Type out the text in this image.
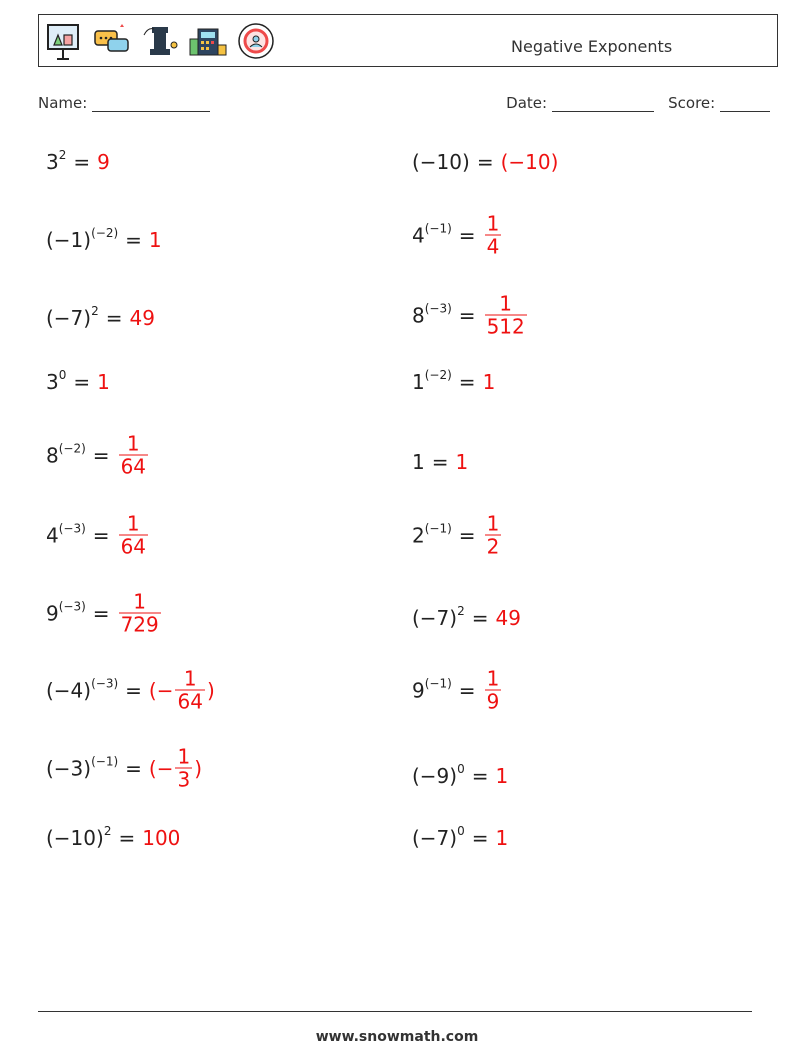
Negative Exponents
Name:	Date:	Score:
$3^2 = 9$
$(-1)^{(-2)} = 1$
$(-7)^2 = 49$
$3^0 = 1$
$8^{(-2)} = \frac{1}{64}$
$4^{(-3)} = \frac{1}{64}$
$9^{(-3)} = \frac{1}{729}$
$(-4)^{(-3)}$ = (− $\frac{1}{64}$ )
$(-3)^{(-1)}$ = (− $\frac{1}{3}$ )
$(-10)^2 = 100$
(−10) = (−10)
$4^{(-1)} = \frac{1}{4}$
$8^{(-3)} = \frac{1}{512}$
$1^{(-2)} = 1$
1 = 1
$2^{(-1)} = \frac{1}{2}$
$(-7)^2 = 49$
$9^{(-1)} = \frac{1}{9}$
$(-9)^0 = 1$
$(-7)^0 = 1$
www.snowmath.com
